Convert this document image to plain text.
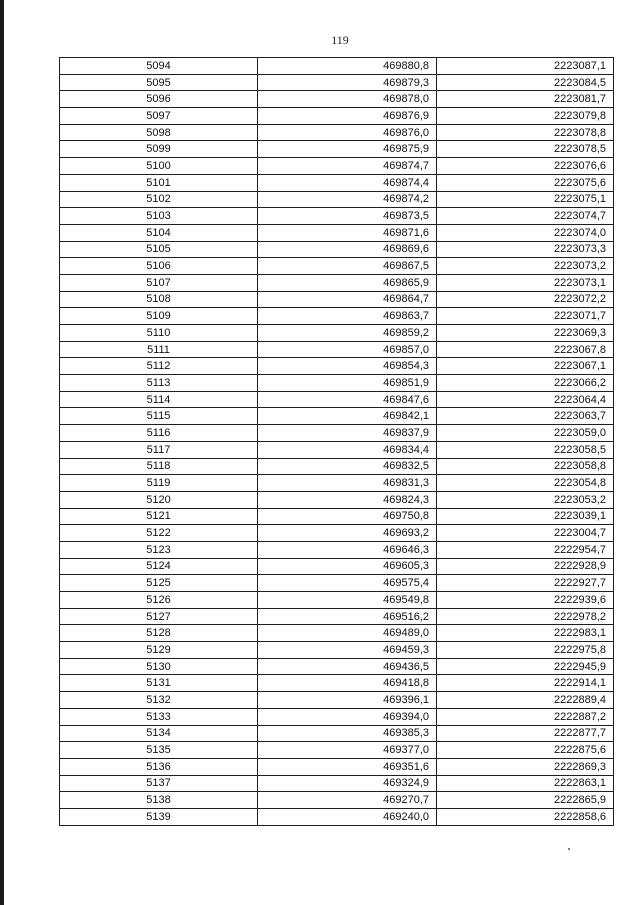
119
5094	469880,8	2223087,1
5095	469879,3	2223084,5
5096	469878,0	2223081,7
5097	469876,9	2223079,8
5098	469876,0	2223078,8
5099	469875,9	2223078,5
5100	469874,7	2223076,6
5101	469874,4	2223075,6
5102	469874,2	2223075,1
5103	469873,5	2223074,7
5104	469871,6	2223074,0
5105	469869,6	2223073,3
5106	469867,5	2223073,2
5107	469865,9	2223073,1
5108	469864,7	2223072,2
5109	469863,7	2223071,7
5110	469859,2	2223069,3
5111	469857,0	2223067,8
5112	469854,3	2223067,1
5113	469851,9	2223066,2
5114	469847,6	2223064,4
5115	469842,1	2223063,7
5116	469837,9	2223059,0
5117	469834,4	2223058,5
5118	469832,5	2223058,8
5119	469831,3	2223054,8
5120	469824,3	2223053,2
5121	469750,8	2223039,1
5122	469693,2	2223004,7
5123	469646,3	2222954,7
5124	469605,3	2222928,9
5125	469575,4	2222927,7
5126	469549,8	2222939,6
5127	469516,2	2222978,2
5128	469489,0	2222983,1
5129	469459,3	2222975,8
5130	469436,5	2222945,9
5131	469418,8	2222914,1
5132	469396,1	2222889,4
5133	469394,0	2222887,2
5134	469385,3	2222877,7
5135	469377,0	2222875,6
5136	469351,6	2222869,3
5137	469324,9	2222863,1
5138	469270,7	2222865,9
5139	469240,0	2222858,6
